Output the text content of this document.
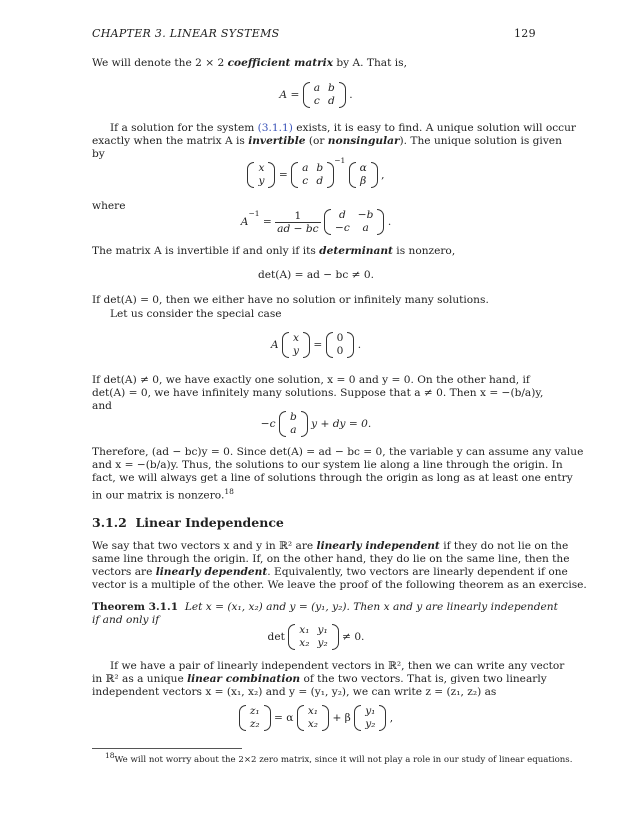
CHAPTER 3. LINEAR SYSTEMS	129
We will denote the 2 × 2 coefficient matrix by A. That is,
A =
a	b
c	d .
If a solution for the system (3.1.1) exists, it is easy to find. A unique solution will occur
exactly when the matrix A is invertible (or nonsingular). The unique solution is given
by
x
y =
a	b
c	d
$^{-1}$
α
β ,
where
$A^{-1} = \frac{1}{ad - bc}$
d	−b
−c	a .
The matrix A is invertible if and only if its determinant is nonzero,
det(A) = ad − bc ≠ 0.
If det(A) = 0, then we either have no solution or infinitely many solutions.
Let us consider the special case
A
x
y =
0
0 .
If det(A) ≠ 0, we have exactly one solution, x = 0 and y = 0. On the other hand, if
det(A) = 0, we have infinitely many solutions. Suppose that a ≠ 0. Then x = −(b/a)y,
and
−c
b
a y + dy = 0.
Therefore, (ad − bc)y = 0. Since det(A) = ad − bc = 0, the variable y can assume any value
and x = −(b/a)y. Thus, the solutions to our system lie along a line through the origin. In
fact, we will always get a line of solutions through the origin as long as at least one entry
in our matrix is nonzero.$^{18}$
3.1.2 Linear Independence
We say that two vectors x and y in ℝ² are linearly independent if they do not lie on the
same line through the origin. If, on the other hand, they do lie on the same line, then the
vectors are linearly dependent. Equivalently, two vectors are linearly dependent if one
vector is a multiple of the other. We leave the proof of the following theorem as an exercise.
Theorem 3.1.1 Let x = (x₁, x₂) and y = (y₁, y₂). Then x and y are linearly independent
if and only if
det
x₁	y₁
x₂	y₂ ≠ 0.
If we have a pair of linearly independent vectors in ℝ², then we can write any vector
in ℝ² as a unique linear combination of the two vectors. That is, given two linearly
independent vectors x = (x₁, x₂) and y = (y₁, y₂), we can write z = (z₁, z₂) as
z₁
z₂ = α
x₁
x₂ + β
y₁
y₂ ,
$^{18}$We will not worry about the 2×2 zero matrix, since it will not play a role in our study of linear equations.
